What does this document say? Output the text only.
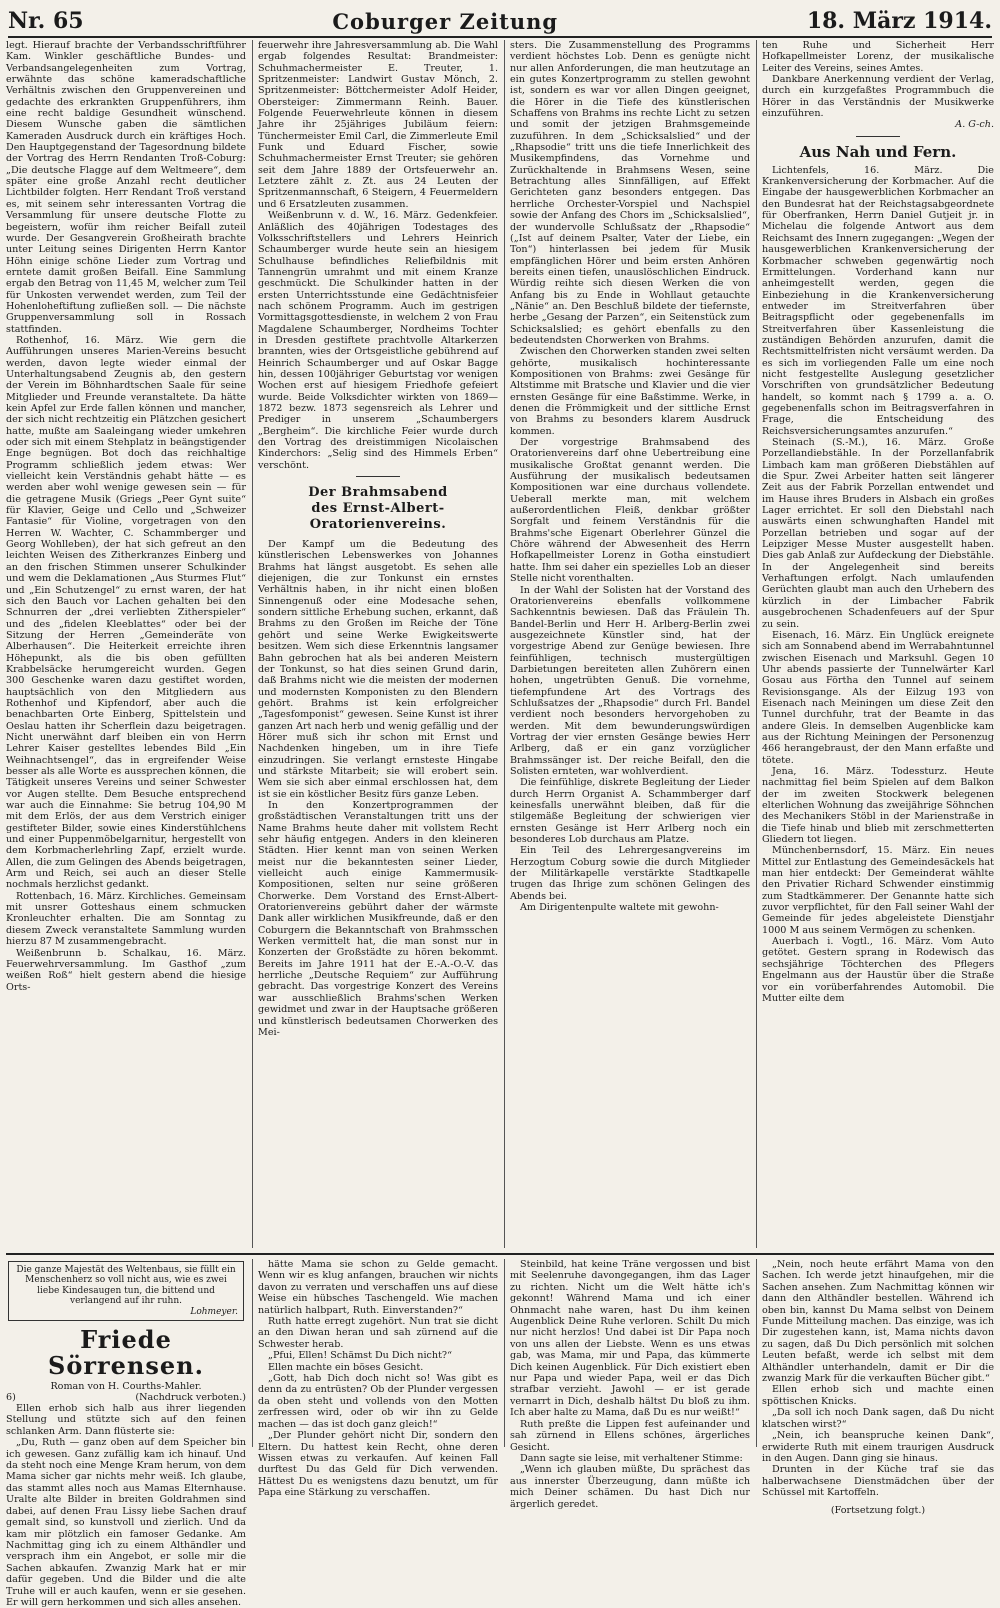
Nr. 65	Coburger Zeitung	18. März 1914.

legt. Hierauf brachte der Verbandsschriftführer Kam. Winkler geschäftliche Bundes- und Verbandsangelegenheiten zum Vortrag, erwähnte das schöne kameradschaftliche Verhältnis zwischen den Gruppenvereinen und gedachte des erkrankten Gruppenführers, ihm eine recht baldige Gesundheit wünschend. Diesem Wunsche gaben die sämtlichen Kameraden Ausdruck durch ein kräftiges Hoch. Den Hauptgegenstand der Tagesordnung bildete der Vortrag des Herrn Rendanten Troß-Coburg: „Die deutsche Flagge auf dem Weltmeere“, dem später eine große Anzahl recht deutlicher Lichtbilder folgten. Herr Rendant Troß verstand es, mit seinem sehr interessanten Vortrag die Versammlung für unsere deutsche Flotte zu begeistern, wofür ihm reicher Beifall zuteil wurde. Der Gesangverein Großheirath brachte unter Leitung seines Dirigenten Herrn Kantor Höhn einige schöne Lieder zum Vortrag und erntete damit großen Beifall. Eine Sammlung ergab den Betrag von 11,45 M, welcher zum Teil für Unkosten verwendet werden, zum Teil der Hohenloheftiftung zufließen soll. — Die nächste Gruppenversammlung soll in Rossach stattfinden.

Rothenhof, 16. März. Wie gern die Aufführungen unseres Marien-Vereins besucht werden, davon legte wieder einmal der Unterhaltungsabend Zeugnis ab, den gestern der Verein im Böhnhardtschen Saale für seine Mitglieder und Freunde veranstaltete. Da hätte kein Apfel zur Erde fallen können und mancher, der sich nicht rechtzeitig ein Plätzchen gesichert hatte, mußte am Saaleingang wieder umkehren oder sich mit einem Stehplatz in beängstigender Enge begnügen. Bot doch das reichhaltige Programm schließlich jedem etwas: Wer vielleicht kein Verständnis gehabt hätte — es werden aber wohl wenige gewesen sein — für die getragene Musik (Griegs „Peer Gynt suite“ für Klavier, Geige und Cello und „Schweizer Fantasie“ für Violine, vorgetragen von den Herren W. Wachter, C. Schammberger und Georg Wohlleben), der hat sich gefreut an den leichten Weisen des Zitherkranzes Einberg und an den frischen Stimmen unserer Schulkinder und wem die Deklamationen „Aus Sturmes Flut“ und „Ein Schutzengel“ zu ernst waren, der hat sich den Bauch vor Lachen gehalten bei den Schnurren der „drei verliebten Zitherspieler“ und des „fidelen Kleeblattes“ oder bei der Sitzung der Herren „Gemeinderäte von Alberhausen“. Die Heiterkeit erreichte ihren Höhepunkt, als die bis oben gefüllten Krabbelsäcke herumgereicht wurden. Gegen 300 Geschenke waren dazu gestiftet worden, hauptsächlich von den Mitgliedern aus Rothenhof und Kipfendorf, aber auch die benachbarten Orte Einberg, Spittelstein und Oeslau hatten ihr Scherflein dazu beigetragen. Nicht unerwähnt darf bleiben ein von Herrn Lehrer Kaiser gestelltes lebendes Bild „Ein Weihnachtsengel“, das in ergreifender Weise besser als alle Worte es aussprechen können, die Tätigkeit unseres Vereins und seiner Schwester vor Augen stellte. Dem Besuche entsprechend war auch die Einnahme: Sie betrug 104,90 M mit dem Erlös, der aus dem Verstrich einiger gestifteter Bilder, sowie eines Kinderstühlchens und einer Puppenmöbelgarnitur, hergestellt von dem Korbmacherlehrling Zapf, erzielt wurde. Allen, die zum Gelingen des Abends beigetragen, Arm und Reich, sei auch an dieser Stelle nochmals herzlichst gedankt.

Rottenbach, 16. März. Kirchliches. Gemeinsam mit unsrer Gotteshaus einem schmucken Kronleuchter erhalten. Die am Sonntag zu diesem Zweck veranstaltete Sammlung wurden hierzu 87 M zusammengebracht.

Weißenbrunn b. Schalkau, 16. März. Feuerwehrversammlung. Im Gasthof „zum weißen Roß“ hielt gestern abend die hiesige Orts-

feuerwehr ihre Jahresversammlung ab. Die Wahl ergab folgendes Resultat: Brandmeister: Schuhmachermeister E. Treuter, 1. Spritzenmeister: Landwirt Gustav Mönch, 2. Spritzenmeister: Böttchermeister Adolf Heider, Obersteiger: Zimmermann Reinh. Bauer. Folgende Feuerwehrleute können in diesem Jahre ihr 25jähriges Jubiläum feiern: Tünchermeister Emil Carl, die Zimmerleute Emil Funk und Eduard Fischer, sowie Schuhmachermeister Ernst Treuter; sie gehören seit dem Jahre 1889 der Ortsfeuerwehr an. Letztere zählt z. Zt. aus 24 Leuten der Spritzenmannschaft, 6 Steigern, 4 Feuermeldern und 6 Ersatzleuten zusammen.

Weißenbrunn v. d. W., 16. März. Gedenkfeier. Anläßlich des 40jährigen Todestages des Volksschriftstellers und Lehrers Heinrich Schaumberger wurde heute sein an hiesigem Schulhause befindliches Reliefbildnis mit Tannengrün umrahmt und mit einem Kranze geschmückt. Die Schulkinder hatten in der ersten Unterrichtsstunde eine Gedächtnisfeier nach schönem Programm. Auch im gestrigen Vormittagsgottesdienste, in welchem 2 von Frau Magdalene Schaumberger, Nordheims Tochter in Dresden gestiftete prachtvolle Altarkerzen brannten, wies der Ortsgeistliche gebührend auf Heinrich Schaumberger und auf Oskar Bagge hin, dessen 100jähriger Geburtstag vor wenigen Wochen erst auf hiesigem Friedhofe gefeiert wurde. Beide Volksdichter wirkten von 1869—1872 bezw. 1873 segensreich als Lehrer und Prediger in unserem „Schaumbergers „Bergheim“. Die kirchliche Feier wurde durch den Vortrag des dreistimmigen Nicolaischen Kinderchors: „Selig sind des Himmels Erben“ verschönt.

Der Brahmsabend
des Ernst-Albert-Oratorienvereins.

Der Kampf um die Bedeutung des künstlerischen Lebenswerkes von Johannes Brahms hat längst ausgetobt. Es sehen alle diejenigen, die zur Tonkunst ein ernstes Verhältnis haben, in ihr nicht einen bloßen Sinnengenuß oder eine Modesache sehen, sondern sittliche Erhebung suchen, erkannt, daß Brahms zu den Großen im Reiche der Töne gehört und seine Werke Ewigkeitswerte besitzen. Wem sich diese Erkenntnis langsamer Bahn gebrochen hat als bei anderen Meistern der Tonkunst, so hat dies seinen Grund darin, daß Brahms nicht wie die meisten der modernen und modernsten Komponisten zu den Blendern gehört. Brahms ist kein erfolgreicher „Tagesfomponist“ gewesen. Seine Kunst ist ihrer ganzen Art nach herb und wenig gefällig und der Hörer muß sich ihr schon mit Ernst und Nachdenken hingeben, um in ihre Tiefe einzudringen. Sie verlangt ernsteste Hingabe und stärkste Mitarbeit; sie will erobert sein. Wem sie sich aber einmal erschlossen hat, dem ist sie ein köstlicher Besitz fürs ganze Leben.

In den Konzertprogrammen der großstädtischen Veranstaltungen tritt uns der Name Brahms heute daher mit vollstem Recht sehr häufig entgegen. Anders in den kleineren Städten. Hier kennt man von seinen Werken meist nur die bekanntesten seiner Lieder, vielleicht auch einige Kammermusik-Kompositionen, selten nur seine größeren Chorwerke. Dem Vorstand des Ernst-Albert-Oratorienvereins gebührt daher der wärmste Dank aller wirklichen Musikfreunde, daß er den Coburgern die Bekanntschaft von Brahmsschen Werken vermittelt hat, die man sonst nur in Konzerten der Großstädte zu hören bekommt. Bereits im Jahre 1911 hat der E.-A.-O.-V. das herrliche „Deutsche Requiem“ zur Aufführung gebracht. Das vorgestrige Konzert des Vereins war ausschließlich Brahms'schen Werken gewidmet und zwar in der Hauptsache größeren und künstlerisch bedeutsamen Chorwerken des Mei-

sters. Die Zusammenstellung des Programms verdient höchstes Lob. Denn es genügte nicht nur allen Anforderungen, die man heutzutage an ein gutes Konzertprogramm zu stellen gewohnt ist, sondern es war vor allen Dingen geeignet, die Hörer in die Tiefe des künstlerischen Schaffens von Brahms ins rechte Licht zu setzen und somit der jetzigen Brahmsgemeinde zuzuführen. In dem „Schicksalslied“ und der „Rhapsodie“ tritt uns die tiefe Innerlichkeit des Musikempfindens, das Vornehme und Zurückhaltende in Brahmsens Wesen, seine Betrachtung alles Sinnfälligen, auf Effekt Gerichteten ganz besonders entgegen. Das herrliche Orchester-Vorspiel und Nachspiel sowie der Anfang des Chors im „Schicksalslied“, der wundervolle Schlußsatz der „Rhapsodie“ („Ist auf deinem Psalter, Vater der Liebe, ein Ton“) hinterlassen bei jedem für Musik empfänglichen Hörer und beim ersten Anhören bereits einen tiefen, unauslöschlichen Eindruck. Würdig reihte sich diesen Werken die von Anfang bis zu Ende in Wohllaut getauchte „Nänie“ an. Den Beschluß bildete der tiefernste, herbe „Gesang der Parzen“, ein Seitenstück zum Schicksalslied; es gehört ebenfalls zu den bedeutendsten Chorwerken von Brahms.

Zwischen den Chorwerken standen zwei selten gehörte, musikalisch hochinteressante Kompositionen von Brahms: zwei Gesänge für Altstimme mit Bratsche und Klavier und die vier ernsten Gesänge für eine Baßstimme. Werke, in denen die Frömmigkeit und der sittliche Ernst von Brahms zu besonders klarem Ausdruck kommen.

Der vorgestrige Brahmsabend des Oratorienvereins darf ohne Uebertreibung eine musikalische Großtat genannt werden. Die Ausführung der musikalisch bedeutsamen Kompositionen war eine durchaus vollendete. Ueberall merkte man, mit welchem außerordentlichen Fleiß, denkbar größter Sorgfalt und feinem Verständnis für die Brahms'sche Eigenart Oberlehrer Günzel die Chöre während der Abwesenheit des Herrn Hofkapellmeister Lorenz in Gotha einstudiert hatte. Ihm sei daher ein spezielles Lob an dieser Stelle nicht vorenthalten.

In der Wahl der Solisten hat der Vorstand des Oratorienvereins ebenfalls vollkommene Sachkenntnis bewiesen. Daß das Fräulein Th. Bandel-Berlin und Herr H. Arlberg-Berlin zwei ausgezeichnete Künstler sind, hat der vorgestrige Abend zur Genüge bewiesen. Ihre feinfühligen, technisch mustergültigen Darbietungen bereiteten allen Zuhörern einen hohen, ungetrübten Genuß. Die vornehme, tiefempfundene Art des Vortrags des Schlußsatzes der „Rhapsodie“ durch Frl. Bandel verdient noch besonders hervorgehoben zu werden. Mit dem bewunderungswürdigen Vortrag der vier ernsten Gesänge bewies Herr Arlberg, daß er ein ganz vorzüglicher Brahmssänger ist. Der reiche Beifall, den die Solisten ernteten, war wohlverdient.

Die feinfühlige, diskrete Begleitung der Lieder durch Herrn Organist A. Schammberger darf keinesfalls unerwähnt bleiben, daß für die stilgemäße Begleitung der schwierigen vier ernsten Gesänge ist Herr Arlberg noch ein besonderes Lob durchaus am Platze.

Ein Teil des Lehrergesangvereins im Herzogtum Coburg sowie die durch Mitglieder der Militärkapelle verstärkte Stadtkapelle trugen das Ihrige zum schönen Gelingen des Abends bei.

Am Dirigentenpulte waltete mit gewohn-

ten Ruhe und Sicherheit Herr Hofkapellmeister Lorenz, der musikalische Leiter des Vereins, seines Amtes.

Dankbare Anerkennung verdient der Verlag, durch ein kurzgefaßtes Programmbuch die Hörer in das Verständnis der Musikwerke einzuführen.

A. G-ch.
Aus Nah und Fern.

Lichtenfels, 16. März. Die Krankenversicherung der Korbmacher. Auf die Eingabe der hausgewerblichen Korbmacher an den Bundesrat hat der Reichstagsabgeordnete für Oberfranken, Herrn Daniel Gutjeit jr. in Michelau die folgende Antwort aus dem Reichsamt des Innern zugegangen: „Wegen der hausgewerblichen Krankenversicherung der Korbmacher schweben gegenwärtig noch Ermittelungen. Vorderhand kann nur anheimgestellt werden, gegen die Einbeziehung in die Krankenversicherung entweder im Streitverfahren über Beitragspflicht oder gegebenenfalls im Streitverfahren über Kassenleistung die zuständigen Behörden anzurufen, damit die Rechtsmittelfristen nicht versäumt werden. Da es sich im vorliegenden Falle um eine noch nicht festgestellte Auslegung gesetzlicher Vorschriften von grundsätzlicher Bedeutung handelt, so kommt nach § 1799 a. a. O. gegebenenfalls schon im Beitragsverfahren in Frage, die Entscheidung des Reichsversicherungsamtes anzurufen.“

Steinach (S.-M.), 16. März. Große Porzellandiebstähle. In der Porzellanfabrik Limbach kam man größeren Diebstählen auf die Spur. Zwei Arbeiter hatten seit längerer Zeit aus der Fabrik Porzellan entwendet und im Hause ihres Bruders in Alsbach ein großes Lager errichtet. Er soll den Diebstahl nach auswärts einen schwunghaften Handel mit Porzellan betrieben und sogar auf der Leipziger Messe Muster ausgestellt haben. Dies gab Anlaß zur Aufdeckung der Diebstähle. In der Angelegenheit sind bereits Verhaftungen erfolgt. Nach umlaufenden Gerüchten glaubt man auch den Urhebern des kürzlich in der Limbacher Fabrik ausgebrochenen Schadenfeuers auf der Spur zu sein.

Eisenach, 16. März. Ein Unglück ereignete sich am Sonnabend abend im Werrabahntunnel zwischen Eisenach und Marksuhl. Gegen 10 Uhr abends passierte der Tunnelwärter Karl Gosau aus Förtha den Tunnel auf seinem Revisionsgange. Als der Eilzug 193 von Eisenach nach Meiningen um diese Zeit den Tunnel durchfuhr, trat der Beamte in das andere Gleis. In demselben Augenblicke kam aus der Richtung Meiningen der Personenzug 466 herangebraust, der den Mann erfaßte und tötete.

Jena, 16. März. Todessturz. Heute nachmittag fiel beim Spielen auf dem Balkon der im zweiten Stockwerk belegenen elterlichen Wohnung das zweijährige Söhnchen des Mechanikers Stöbl in der Marienstraße in die Tiefe hinab und blieb mit zerschmetterten Gliedern tot liegen.

Münchenbernsdorf, 15. März. Ein neues Mittel zur Entlastung des Gemeindesäckels hat man hier entdeckt: Der Gemeinderat wählte den Privatier Richard Schwender einstimmig zum Stadtkämmerer. Der Genannte hatte sich zuvor verpflichtet, für den Fall seiner Wahl der Gemeinde für jedes abgeleistete Dienstjahr 1000 M aus seinem Vermögen zu schenken.

Auerbach i. Vogtl., 16. März. Vom Auto getötet. Gestern sprang in Rodewisch das sechsjährige Töchterchen des Pflegers Engelmann aus der Haustür über die Straße vor ein vorüberfahrendes Automobil. Die Mutter eilte dem

Die ganze Majestät des Weltenbaus, sie füllt ein Menschenherz so voll nicht aus, wie es zwei liebe Kindesaugen tun, die bittend und verlangend auf ihr ruhn.
Lohmeyer.
Friede Sörrensen.
Roman von H. Courths-Mahler.
6)	(Nachdruck verboten.)

Ellen erhob sich halb aus ihrer liegenden Stellung und stützte sich auf den feinen schlanken Arm. Dann flüsterte sie:

„Du, Ruth — ganz oben auf dem Speicher bin ich gewesen. Ganz zufällig kam ich hinauf. Und da steht noch eine Menge Kram herum, von dem Mama sicher gar nichts mehr weiß. Ich glaube, das stammt alles noch aus Mamas Elternhause. Uralte alte Bilder in breiten Goldrahmen sind dabei, auf denen Frau Lissy liebe Sachen drauf gemalt sind, so kunstvoll und zierlich. Und da kam mir plötzlich ein famoser Gedanke. Am Nachmittag ging ich zu einem Althändler und versprach ihm ein Angebot, er solle mir die Sachen abkaufen. Zwanzig Mark hat er mir dafür gegeben. Und die Bilder und die alte Truhe will er auch kaufen, wenn er sie gesehen. Er will gern herkommen und sich alles ansehen.

hätte Mama sie schon zu Gelde gemacht. Wenn wir es klug anfangen, brauchen wir nichts davon zu verraten und verschaffen uns auf diese Weise ein hübsches Taschengeld. Wie machen natürlich halbpart, Ruth. Einverstanden?“

Ruth hatte erregt zugehört. Nun trat sie dicht an den Diwan heran und sah zürnend auf die Schwester herab.

„Pfui, Ellen! Schämst Du Dich nicht?“

Ellen machte ein böses Gesicht.

„Gott, hab Dich doch nicht so! Was gibt es denn da zu entrüsten? Ob der Plunder vergessen da oben steht und vollends von den Motten zerfressen wird, oder ob wir ihn zu Gelde machen — das ist doch ganz gleich!“

„Der Plunder gehört nicht Dir, sondern den Eltern. Du hattest kein Recht, ohne deren Wissen etwas zu verkaufen. Auf keinen Fall durftest Du das Geld für Dich verwenden. Hättest Du es wenigstens dazu benutzt, um für Papa eine Stärkung zu verschaffen.

Steinbild, hat keine Träne vergossen und bist mit Seelenruhe davongegangen, ihm das Lager zu richten. Nicht um die Welt hätte ich's gekonnt! Während Mama und ich einer Ohnmacht nahe waren, hast Du ihm keinen Augenblick Deine Ruhe verloren. Schilt Du mich nur nicht herzlos! Und dabei ist Dir Papa noch von uns allen der Liebste. Wenn es uns etwas gab, was Mama, mir und Papa, das kümmerte Dich keinen Augenblick. Für Dich existiert eben nur Papa und wieder Papa, weil er das Dich strafbar verzieht. Jawohl — er ist gerade vernarrt in Dich, deshalb hältst Du bloß zu ihm. Ich aber halte zu Mama, daß Du es nur weißt!“

Ruth preßte die Lippen fest aufeinander und sah zürnend in Ellens schönes, ärgerliches Gesicht.

Dann sagte sie leise, mit verhaltener Stimme:

„Wenn ich glauben müßte, Du sprächest das aus innerster Überzeugung, dann müßte ich mich Deiner schämen. Du hast Dich nur ärgerlich geredet.

„Nein, noch heute erfährt Mama von den Sachen. Ich werde jetzt hinaufgehen, mir die Sachen ansehen. Zum Nachmittag können wir dann den Althändler bestellen. Während ich oben bin, kannst Du Mama selbst von Deinem Funde Mitteilung machen. Das einzige, was ich Dir zugestehen kann, ist, Mama nichts davon zu sagen, daß Du Dich persönlich mit solchen Leuten befaßt, werde ich selbst mit dem Althändler unterhandeln, damit er Dir die zwanzig Mark für die verkauften Bücher gibt.“

Ellen erhob sich und machte einen spöttischen Knicks.

„Da soll ich noch Dank sagen, daß Du nicht klatschen wirst?“

„Nein, ich beanspruche keinen Dank“, erwiderte Ruth mit einem traurigen Ausdruck in den Augen. Dann ging sie hinaus.

Drunten in der Küche traf sie das halberwachsene Dienstmädchen über der Schüssel mit Kartoffeln.

(Fortsetzung folgt.)
